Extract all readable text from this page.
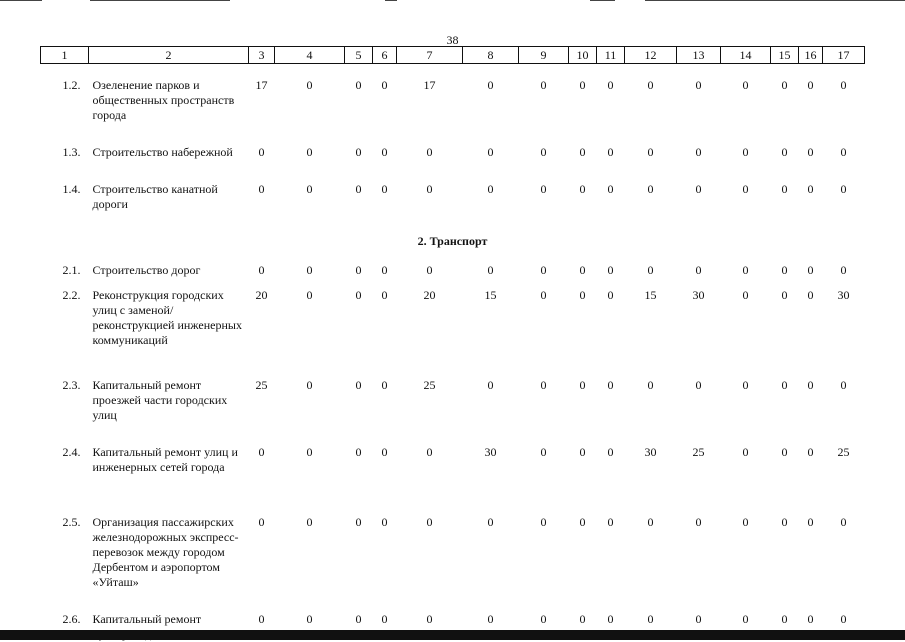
38
1	2	3	4	5	6	7	8	9	10	11	12	13	14	15	16	17
1.2.	Озеленение парков и общественных пространств города	17	0	0	0	17	0	0	0	0	0	0	0	0	0	0
1.3.	Строительство набережной	0	0	0	0	0	0	0	0	0	0	0	0	0	0	0
1.4.	Строительство канатной дороги	0	0	0	0	0	0	0	0	0	0	0	0	0	0	0
2. Транспорт																
2.1.	Строительство дорог	0	0	0	0	0	0	0	0	0	0	0	0	0	0	0
2.2.	Реконструкция городских улиц с заменой/ реконструкцией инженерных коммуникаций	20	0	0	0	20	15	0	0	0	15	30	0	0	0	30
2.3.	Капитальный ремонт проезжей части городских улиц	25	0	0	0	25	0	0	0	0	0	0	0	0	0	0
2.4.	Капитальный ремонт улиц и инженерных сетей города	0	0	0	0	0	30	0	0	0	30	25	0	0	0	25
2.5.	Организация пассажирских железнодорожных экспресс-перевозок между городом Дербентом и аэропортом «Уйташ»	0	0	0	0	0	0	0	0	0	0	0	0	0	0	0
2.6.	Капитальный ремонт	0	0	0	0	0	0	0	0	0	0	0	0	0	0	0
